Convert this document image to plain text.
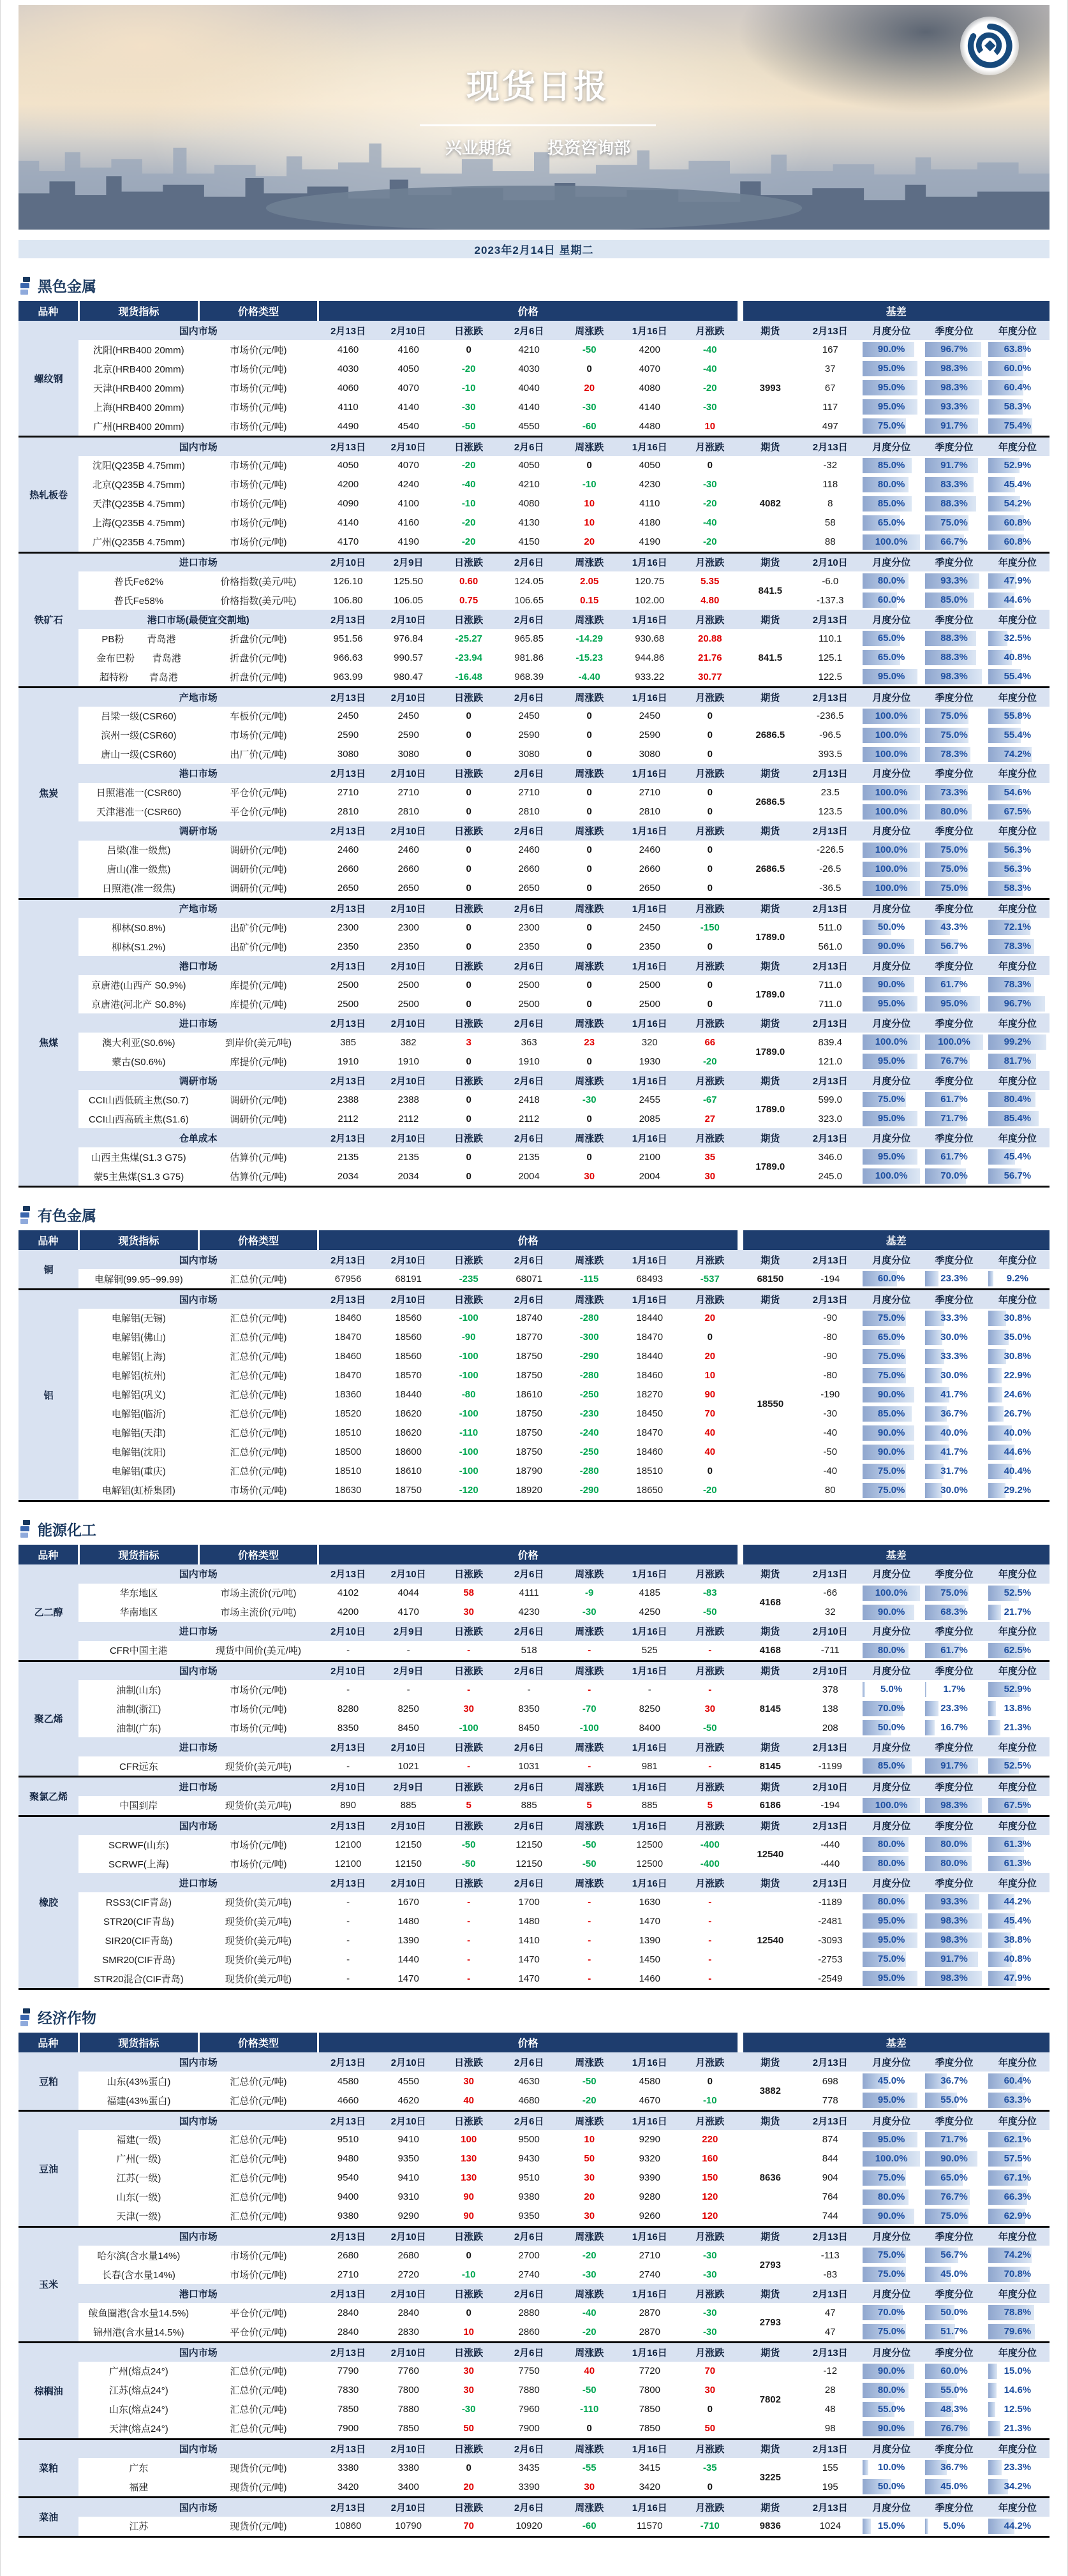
现货日报
兴业期货 投资咨询部
2023年2月14日 星期二
黑色金属
品种	现货指标	价格类型	价格							基差				
螺纹钢	国内市场		2月13日	2月10日	日涨跌	2月6日	周涨跌	1月16日	月涨跌	期货	2月13日	月度分位	季度分位	年度分位
	沈阳(HRB400 20mm)	市场价(元/吨)	4160	4160	0	4210	-50	4200	-40	3993	167	90.0%	96.7%	63.8%

	北京(HRB400 20mm)	市场价(元/吨)	4030	4050	-20	4030	0	4070	-40		37	95.0%	98.3%	60.0%

	天津(HRB400 20mm)	市场价(元/吨)	4060	4070	-10	4040	20	4080	-20		67	95.0%	98.3%	60.4%

	上海(HRB400 20mm)	市场价(元/吨)	4110	4140	-30	4140	-30	4140	-30		117	95.0%	93.3%	58.3%

	广州(HRB400 20mm)	市场价(元/吨)	4490	4540	-50	4550	-60	4480	10		497	75.0%	91.7%	75.4%

热轧板卷	国内市场		2月13日	2月10日	日涨跌	2月6日	周涨跌	1月16日	月涨跌	期货	2月13日	月度分位	季度分位	年度分位
	沈阳(Q235B 4.75mm)	市场价(元/吨)	4050	4070	-20	4050	0	4050	0	4082	-32	85.0%	91.7%	52.9%

	北京(Q235B 4.75mm)	市场价(元/吨)	4200	4240	-40	4210	-10	4230	-30		118	80.0%	83.3%	45.4%

	天津(Q235B 4.75mm)	市场价(元/吨)	4090	4100	-10	4080	10	4110	-20		8	85.0%	88.3%	54.2%

	上海(Q235B 4.75mm)	市场价(元/吨)	4140	4160	-20	4130	10	4180	-40		58	65.0%	75.0%	60.8%

	广州(Q235B 4.75mm)	市场价(元/吨)	4170	4190	-20	4150	20	4190	-20		88	100.0%	66.7%	60.8%

铁矿石	进口市场		2月10日	2月9日	日涨跌	2月6日	周涨跌	1月16日	月涨跌	期货	2月10日	月度分位	季度分位	年度分位
	普氏Fe62%	价格指数(美元/吨)	126.10	125.50	0.60	124.05	2.05	120.75	5.35	841.5	-6.0	80.0%	93.3%	47.9%

	普氏Fe58%	价格指数(美元/吨)	106.80	106.05	0.75	106.65	0.15	102.00	4.80		-137.3	60.0%	85.0%	44.6%

	港口市场(最便宜交割地)		2月13日	2月10日	日涨跌	2月6日	周涨跌	1月16日	月涨跌	期货	2月13日	月度分位	季度分位	年度分位

	PB粉 青岛港	折盘价(元/吨)	951.56	976.84	-25.27	965.85	-14.29	930.68	20.88	841.5	110.1	65.0%	88.3%	32.5%

	金布巴粉 青岛港	折盘价(元/吨)	966.63	990.57	-23.94	981.86	-15.23	944.86	21.76		125.1	65.0%	88.3%	40.8%

	超特粉 青岛港	折盘价(元/吨)	963.99	980.47	-16.48	968.39	-4.40	933.22	30.77		122.5	95.0%	98.3%	55.4%

焦炭	产地市场		2月13日	2月10日	日涨跌	2月6日	周涨跌	1月16日	月涨跌	期货	2月13日	月度分位	季度分位	年度分位
	吕梁一级(CSR60)	车板价(元/吨)	2450	2450	0	2450	0	2450	0	2686.5	-236.5	100.0%	75.0%	55.8%

	滨州一级(CSR60)	市场价(元/吨)	2590	2590	0	2590	0	2590	0		-96.5	100.0%	75.0%	55.4%

	唐山一级(CSR60)	出厂价(元/吨)	3080	3080	0	3080	0	3080	0		393.5	100.0%	78.3%	74.2%

	港口市场		2月13日	2月10日	日涨跌	2月6日	周涨跌	1月16日	月涨跌	期货	2月13日	月度分位	季度分位	年度分位
	日照港准一(CSR60)	平仓价(元/吨)	2710	2710	0	2710	0	2710	0	2686.5	23.5	100.0%	73.3%	54.6%

	天津港准一(CSR60)	平仓价(元/吨)	2810	2810	0	2810	0	2810	0		123.5	100.0%	80.0%	67.5%

	调研市场		2月13日	2月10日	日涨跌	2月6日	周涨跌	1月16日	月涨跌	期货	2月13日	月度分位	季度分位	年度分位
	吕梁(准一级焦)	调研价(元/吨)	2460	2460	0	2460	0	2460	0	2686.5	-226.5	100.0%	75.0%	56.3%

	唐山(准一级焦)	调研价(元/吨)	2660	2660	0	2660	0	2660	0		-26.5	100.0%	75.0%	56.3%

	日照港(准一级焦)	调研价(元/吨)	2650	2650	0	2650	0	2650	0		-36.5	100.0%	75.0%	58.3%

焦煤	产地市场		2月13日	2月10日	日涨跌	2月6日	周涨跌	1月16日	月涨跌	期货	2月13日	月度分位	季度分位	年度分位
	柳林(S0.8%)	出矿价(元/吨)	2300	2300	0	2300	0	2450	-150	1789.0	511.0	50.0%	43.3%	72.1%

	柳林(S1.2%)	出矿价(元/吨)	2350	2350	0	2350	0	2350	0		561.0	90.0%	56.7%	78.3%

	港口市场		2月13日	2月10日	日涨跌	2月6日	周涨跌	1月16日	月涨跌	期货	2月13日	月度分位	季度分位	年度分位
	京唐港(山西产 S0.9%)	库提价(元/吨)	2500	2500	0	2500	0	2500	0	1789.0	711.0	90.0%	61.7%	78.3%

	京唐港(河北产 S0.8%)	库提价(元/吨)	2500	2500	0	2500	0	2500	0		711.0	95.0%	95.0%	96.7%

	进口市场		2月13日	2月10日	日涨跌	2月6日	周涨跌	1月16日	月涨跌	期货	2月13日	月度分位	季度分位	年度分位
	澳大利亚(S0.6%)	到岸价(美元/吨)	385	382	3	363	23	320	66	1789.0	839.4	100.0%	100.0%	99.2%

	蒙古(S0.6%)	库提价(元/吨)	1910	1910	0	1910	0	1930	-20		121.0	95.0%	76.7%	81.7%

	调研市场		2月13日	2月10日	日涨跌	2月6日	周涨跌	1月16日	月涨跌	期货	2月13日	月度分位	季度分位	年度分位
	CCI山西低硫主焦(S0.7)	调研价(元/吨)	2388	2388	0	2418	-30	2455	-67	1789.0	599.0	75.0%	61.7%	80.4%

	CCI山西高硫主焦(S1.6)	调研价(元/吨)	2112	2112	0	2112	0	2085	27		323.0	95.0%	71.7%	85.4%

	仓单成本		2月13日	2月10日	日涨跌	2月6日	周涨跌	1月16日	月涨跌	期货	2月13日	月度分位	季度分位	年度分位
	山西主焦煤(S1.3 G75)	估算价(元/吨)	2135	2135	0	2135	0	2100	35	1789.0	346.0	95.0%	61.7%	45.4%

	蒙5主焦煤(S1.3 G75)	估算价(元/吨)	2034	2034	0	2004	30	2004	30		245.0	100.0%	70.0%	56.7%
有色金属
品种	现货指标	价格类型	价格							基差				
铜	国内市场		2月13日	2月10日	日涨跌	2月6日	周涨跌	1月16日	月涨跌	期货	2月13日	月度分位	季度分位	年度分位
	电解铜(99.95~99.99)	汇总价(元/吨)	67956	68191	-235	68071	-115	68493	-537	68150	-194	60.0%	23.3%	9.2%

铝	国内市场		2月13日	2月10日	日涨跌	2月6日	周涨跌	1月16日	月涨跌	期货	2月13日	月度分位	季度分位	年度分位
	电解铝(无锡)	汇总价(元/吨)	18460	18560	-100	18740	-280	18440	20	18550	-90	75.0%	33.3%	30.8%

	电解铝(佛山)	汇总价(元/吨)	18470	18560	-90	18770	-300	18470	0		-80	65.0%	30.0%	35.0%

	电解铝(上海)	汇总价(元/吨)	18460	18560	-100	18750	-290	18440	20		-90	75.0%	33.3%	30.8%

	电解铝(杭州)	汇总价(元/吨)	18470	18570	-100	18750	-280	18460	10		-80	75.0%	30.0%	22.9%

	电解铝(巩义)	汇总价(元/吨)	18360	18440	-80	18610	-250	18270	90		-190	90.0%	41.7%	24.6%

	电解铝(临沂)	汇总价(元/吨)	18520	18620	-100	18750	-230	18450	70		-30	85.0%	36.7%	26.7%

	电解铝(天津)	汇总价(元/吨)	18510	18620	-110	18750	-240	18470	40		-40	90.0%	40.0%	40.0%

	电解铝(沈阳)	汇总价(元/吨)	18500	18600	-100	18750	-250	18460	40		-50	90.0%	41.7%	44.6%

	电解铝(重庆)	汇总价(元/吨)	18510	18610	-100	18790	-280	18510	0		-40	75.0%	31.7%	40.4%

	电解铝(虹桥集团)	市场价(元/吨)	18630	18750	-120	18920	-290	18650	-20		80	75.0%	30.0%	29.2%
能源化工
品种	现货指标	价格类型	价格							基差				
乙二醇	国内市场		2月13日	2月10日	日涨跌	2月6日	周涨跌	1月16日	月涨跌	期货	2月13日	月度分位	季度分位	年度分位
	华东地区	市场主流价(元/吨)	4102	4044	58	4111	-9	4185	-83	4168	-66	100.0%	75.0%	52.5%

	华南地区	市场主流价(元/吨)	4200	4170	30	4230	-30	4250	-50		32	90.0%	68.3%	21.7%

	进口市场		2月10日	2月9日	日涨跌	2月6日	周涨跌	1月16日	月涨跌	期货	2月10日	月度分位	季度分位	年度分位
	CFR中国主港	现货中间价(美元/吨)	-	-	-	518	-	525	-	4168	-711	80.0%	61.7%	62.5%

聚乙烯	国内市场		2月10日	2月9日	日涨跌	2月6日	周涨跌	1月16日	月涨跌	期货	2月10日	月度分位	季度分位	年度分位
	油制(山东)	市场价(元/吨)	-	-	-	-	-	-	-	8145	378	5.0%	1.7%	52.9%

	油制(浙江)	市场价(元/吨)	8280	8250	30	8350	-70	8250	30		138	70.0%	23.3%	13.8%

	油制(广东)	市场价(元/吨)	8350	8450	-100	8450	-100	8400	-50		208	50.0%	16.7%	21.3%

	进口市场		2月13日	2月10日	日涨跌	2月6日	周涨跌	1月16日	月涨跌	期货	2月13日	月度分位	季度分位	年度分位
	CFR远东	现货价(美元/吨)	-	1021	-	1031	-	981	-	8145	-1199	85.0%	91.7%	52.5%

聚氯乙烯	进口市场		2月10日	2月9日	日涨跌	2月6日	周涨跌	1月16日	月涨跌	期货	2月10日	月度分位	季度分位	年度分位
	中国到岸	现货价(美元/吨)	890	885	5	885	5	885	5	6186	-194	100.0%	98.3%	67.5%

橡胶	国内市场		2月13日	2月10日	日涨跌	2月6日	周涨跌	1月16日	月涨跌	期货	2月13日	月度分位	季度分位	年度分位
	SCRWF(山东)	市场价(元/吨)	12100	12150	-50	12150	-50	12500	-400	12540	-440	80.0%	80.0%	61.3%

	SCRWF(上海)	市场价(元/吨)	12100	12150	-50	12150	-50	12500	-400		-440	80.0%	80.0%	61.3%

	进口市场		2月13日	2月10日	日涨跌	2月6日	周涨跌	1月16日	月涨跌	期货	2月13日	月度分位	季度分位	年度分位
	RSS3(CIF青岛)	现货价(美元/吨)	-	1670	-	1700	-	1630	-	12540	-1189	80.0%	93.3%	44.2%

	STR20(CIF青岛)	现货价(美元/吨)	-	1480	-	1480	-	1470	-		-2481	95.0%	98.3%	45.4%

	SIR20(CIF青岛)	现货价(美元/吨)	-	1390	-	1410	-	1390	-		-3093	95.0%	98.3%	38.8%

	SMR20(CIF青岛)	现货价(美元/吨)	-	1440	-	1470	-	1450	-		-2753	75.0%	91.7%	40.8%

	STR20混合(CIF青岛)	现货价(美元/吨)	-	1470	-	1470	-	1460	-		-2549	95.0%	98.3%	47.9%
经济作物
品种	现货指标	价格类型	价格							基差				
豆粕	国内市场		2月13日	2月10日	日涨跌	2月6日	周涨跌	1月16日	月涨跌	期货	2月13日	月度分位	季度分位	年度分位
	山东(43%蛋白)	汇总价(元/吨)	4580	4550	30	4630	-50	4580	0	3882	698	45.0%	36.7%	60.4%

	福建(43%蛋白)	汇总价(元/吨)	4660	4620	40	4680	-20	4670	-10		778	95.0%	55.0%	63.3%

豆油	国内市场		2月13日	2月10日	日涨跌	2月6日	周涨跌	1月16日	月涨跌	期货	2月13日	月度分位	季度分位	年度分位
	福建(一级)	汇总价(元/吨)	9510	9410	100	9500	10	9290	220	8636	874	95.0%	71.7%	62.1%

	广州(一级)	汇总价(元/吨)	9480	9350	130	9430	50	9320	160		844	100.0%	90.0%	57.5%

	江苏(一级)	汇总价(元/吨)	9540	9410	130	9510	30	9390	150		904	75.0%	65.0%	67.1%

	山东(一级)	汇总价(元/吨)	9400	9310	90	9380	20	9280	120		764	80.0%	76.7%	66.3%

	天津(一级)	汇总价(元/吨)	9380	9290	90	9350	30	9260	120		744	90.0%	75.0%	62.9%

玉米	国内市场		2月13日	2月10日	日涨跌	2月6日	周涨跌	1月16日	月涨跌	期货	2月13日	月度分位	季度分位	年度分位
	哈尔滨(含水量14%)	市场价(元/吨)	2680	2680	0	2700	-20	2710	-30	2793	-113	75.0%	56.7%	74.2%

	长春(含水量14%)	市场价(元/吨)	2710	2720	-10	2740	-30	2740	-30		-83	75.0%	45.0%	70.8%

	港口市场		2月13日	2月10日	日涨跌	2月6日	周涨跌	1月16日	月涨跌	期货	2月13日	月度分位	季度分位	年度分位
	鲅鱼圈港(含水量14.5%)	平仓价(元/吨)	2840	2840	0	2880	-40	2870	-30	2793	47	70.0%	50.0%	78.8%

	锦州港(含水量14.5%)	平仓价(元/吨)	2840	2830	10	2860	-20	2870	-30		47	75.0%	51.7%	79.6%

棕榈油	国内市场		2月13日	2月10日	日涨跌	2月6日	周涨跌	1月16日	月涨跌	期货	2月13日	月度分位	季度分位	年度分位
	广州(熔点24°)	汇总价(元/吨)	7790	7760	30	7750	40	7720	70	7802	-12	90.0%	60.0%	15.0%

	江苏(熔点24°)	汇总价(元/吨)	7830	7800	30	7880	-50	7800	30		28	80.0%	55.0%	14.6%

	山东(熔点24°)	汇总价(元/吨)	7850	7880	-30	7960	-110	7850	0		48	55.0%	48.3%	12.5%

	天津(熔点24°)	汇总价(元/吨)	7900	7850	50	7900	0	7850	50		98	90.0%	76.7%	21.3%

菜粕	国内市场		2月13日	2月10日	日涨跌	2月6日	周涨跌	1月16日	月涨跌	期货	2月13日	月度分位	季度分位	年度分位
	广东	现货价(元/吨)	3380	3380	0	3435	-55	3415	-35	3225	155	10.0%	36.7%	23.3%

	福建	现货价(元/吨)	3420	3400	20	3390	30	3420	0		195	50.0%	45.0%	34.2%

菜油	国内市场		2月13日	2月10日	日涨跌	2月6日	周涨跌	1月16日	月涨跌	期货	2月13日	月度分位	季度分位	年度分位
	江苏	现货价(元/吨)	10860	10790	70	10920	-60	11570	-710	9836	1024	15.0%	5.0%	44.2%
